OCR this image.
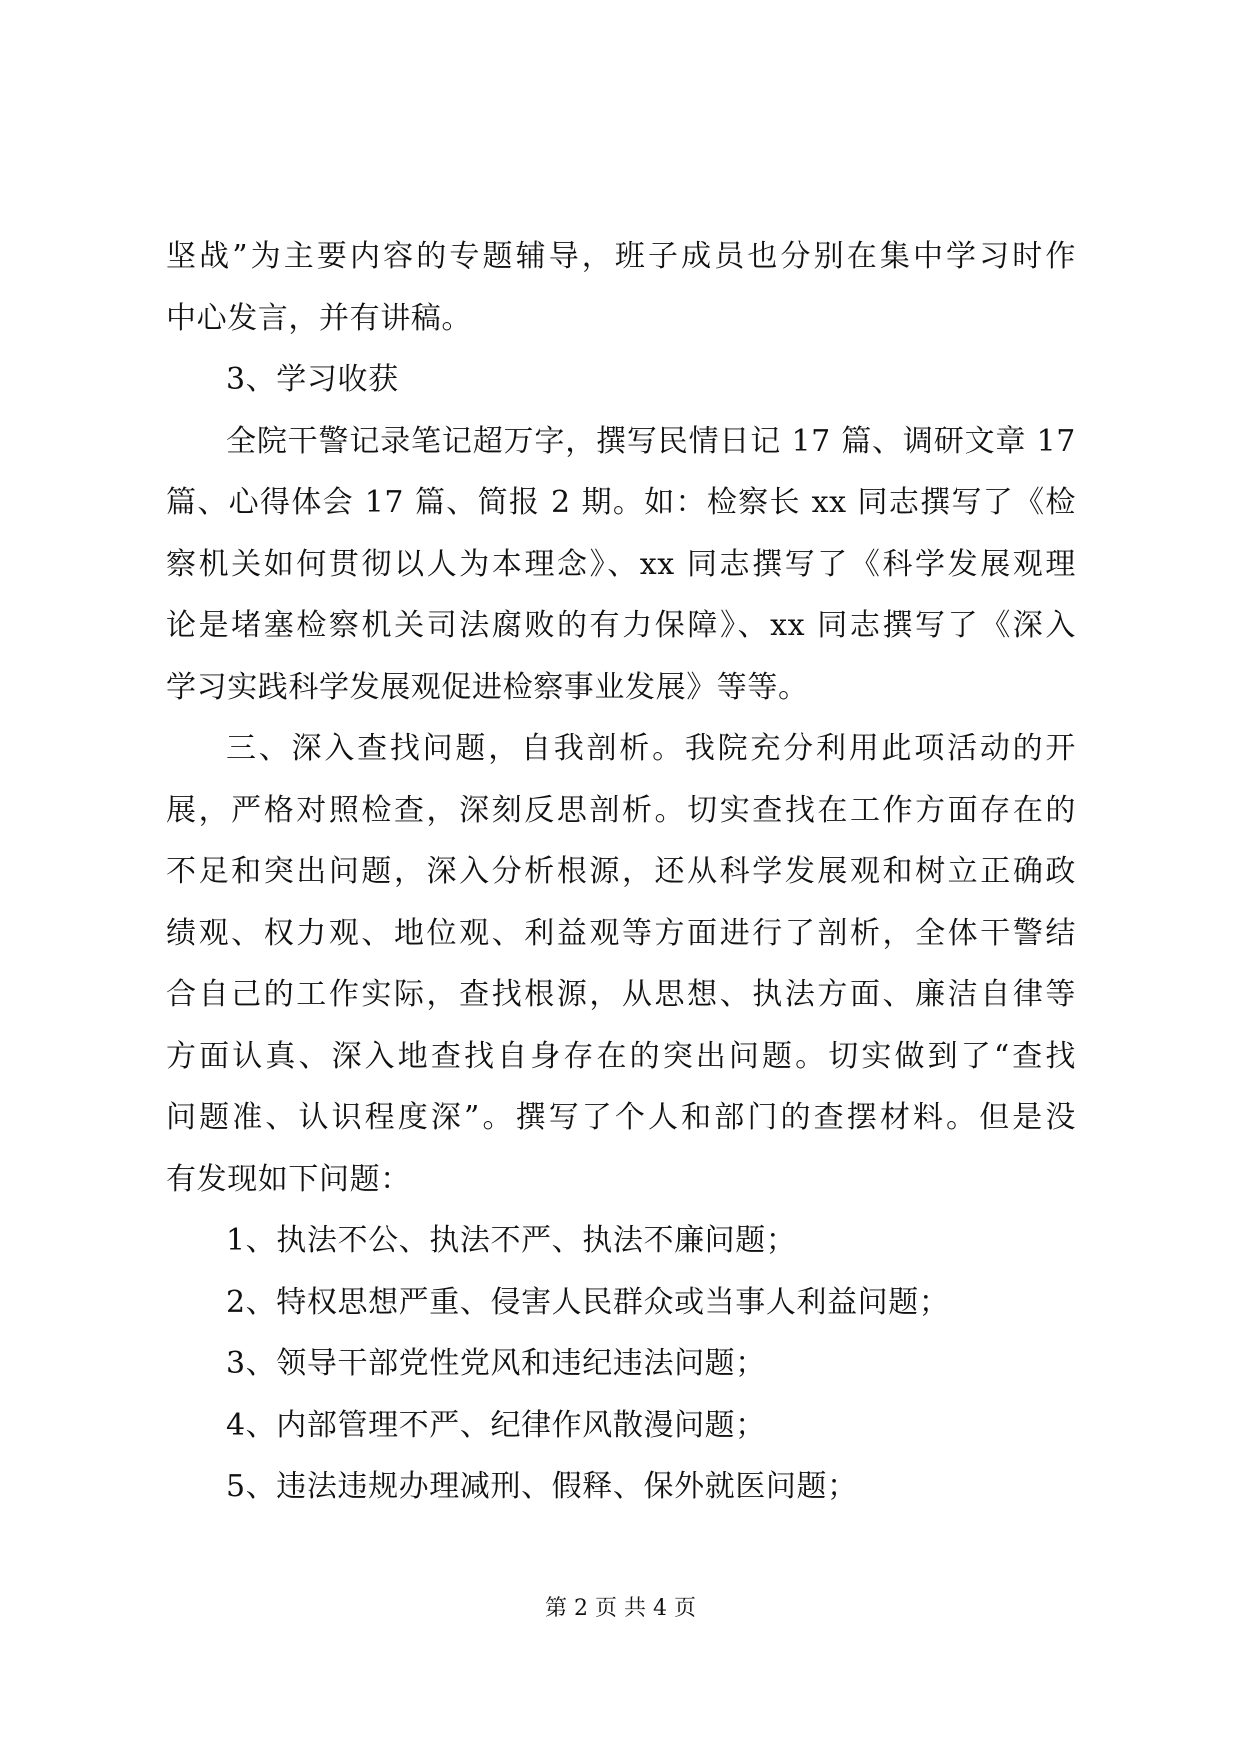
坚战”为主要内容的专题辅导，班子成员也分别在集中学习时作
中心发言，并有讲稿。
3、学习收获
全院干警记录笔记超万字，撰写民情日记 17 篇、调研文章 17
篇、心得体会 17 篇、简报 2 期。如：检察长 xx 同志撰写了《检
察机关如何贯彻以人为本理念》、xx 同志撰写了《科学发展观理
论是堵塞检察机关司法腐败的有力保障》、xx 同志撰写了《深入
学习实践科学发展观促进检察事业发展》等等。
三、深入查找问题，自我剖析。我院充分利用此项活动的开
展，严格对照检查，深刻反思剖析。切实查找在工作方面存在的
不足和突出问题，深入分析根源，还从科学发展观和树立正确政
绩观、权力观、地位观、利益观等方面进行了剖析，全体干警结
合自己的工作实际，查找根源，从思想、执法方面、廉洁自律等
方面认真、深入地查找自身存在的突出问题。切实做到了“查找
问题准、认识程度深”。撰写了个人和部门的查摆材料。但是没
有发现如下问题：
1、执法不公、执法不严、执法不廉问题；
2、特权思想严重、侵害人民群众或当事人利益问题；
3、领导干部党性党风和违纪违法问题；
4、内部管理不严、纪律作风散漫问题；
5、违法违规办理减刑、假释、保外就医问题；
第 2 页 共 4 页
